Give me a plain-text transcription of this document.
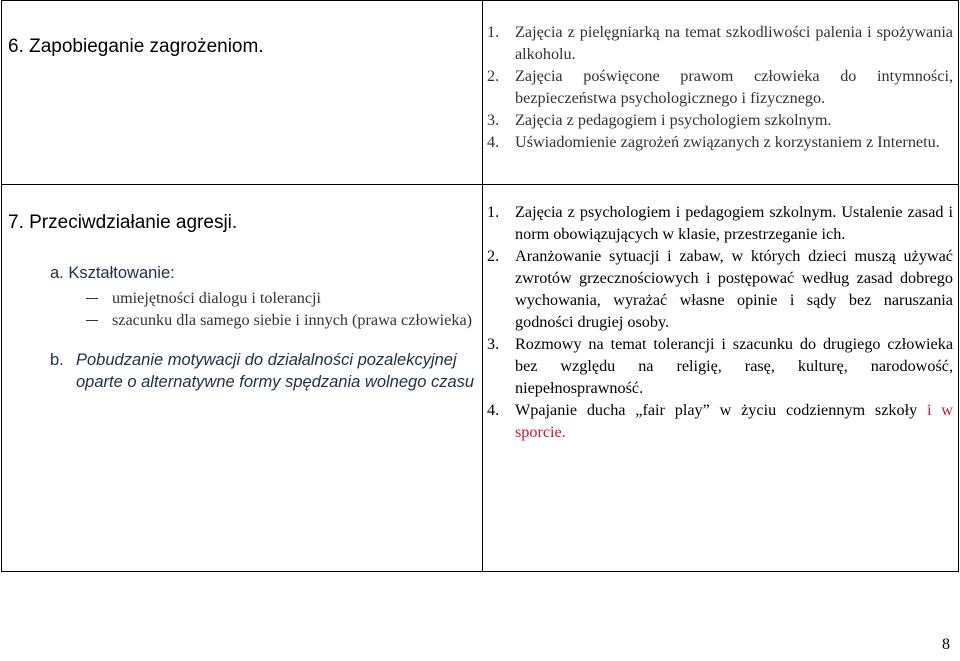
6. Zapobieganie zagrożeniom.
1. Zajęcia z pielęgniarką na temat szkodliwości palenia i spożywania alkoholu.
2. Zajęcia poświęcone prawom człowieka do intymności, bezpieczeństwa psychologicznego i fizycznego.
3. Zajęcia z pedagogiem i psychologiem szkolnym.
4. Uświadomienie zagrożeń związanych z korzystaniem z Internetu.
7. Przeciwdziałanie agresji.
a. Kształtowanie:
umiejętności dialogu i tolerancji
szacunku dla samego siebie i innych (prawa człowieka)
b. Pobudzanie motywacji do działalności pozalekcyjnej oparte o alternatywne formy spędzania wolnego czasu
1. Zajęcia z psychologiem i pedagogiem szkolnym. Ustalenie zasad i norm obowiązujących w klasie, przestrzeganie ich.
2. Aranżowanie sytuacji i zabaw, w których dzieci muszą używać zwrotów grzecznościowych i postępować według zasad dobrego wychowania, wyrażać własne opinie i sądy bez naruszania godności drugiej osoby.
3. Rozmowy na temat tolerancji i szacunku do drugiego człowieka bez względu na religię, rasę, kulturę, narodowość, niepełnosprawność.
4. Wpajanie ducha „fair play” w życiu codziennym szkoły i w sporcie.
8
